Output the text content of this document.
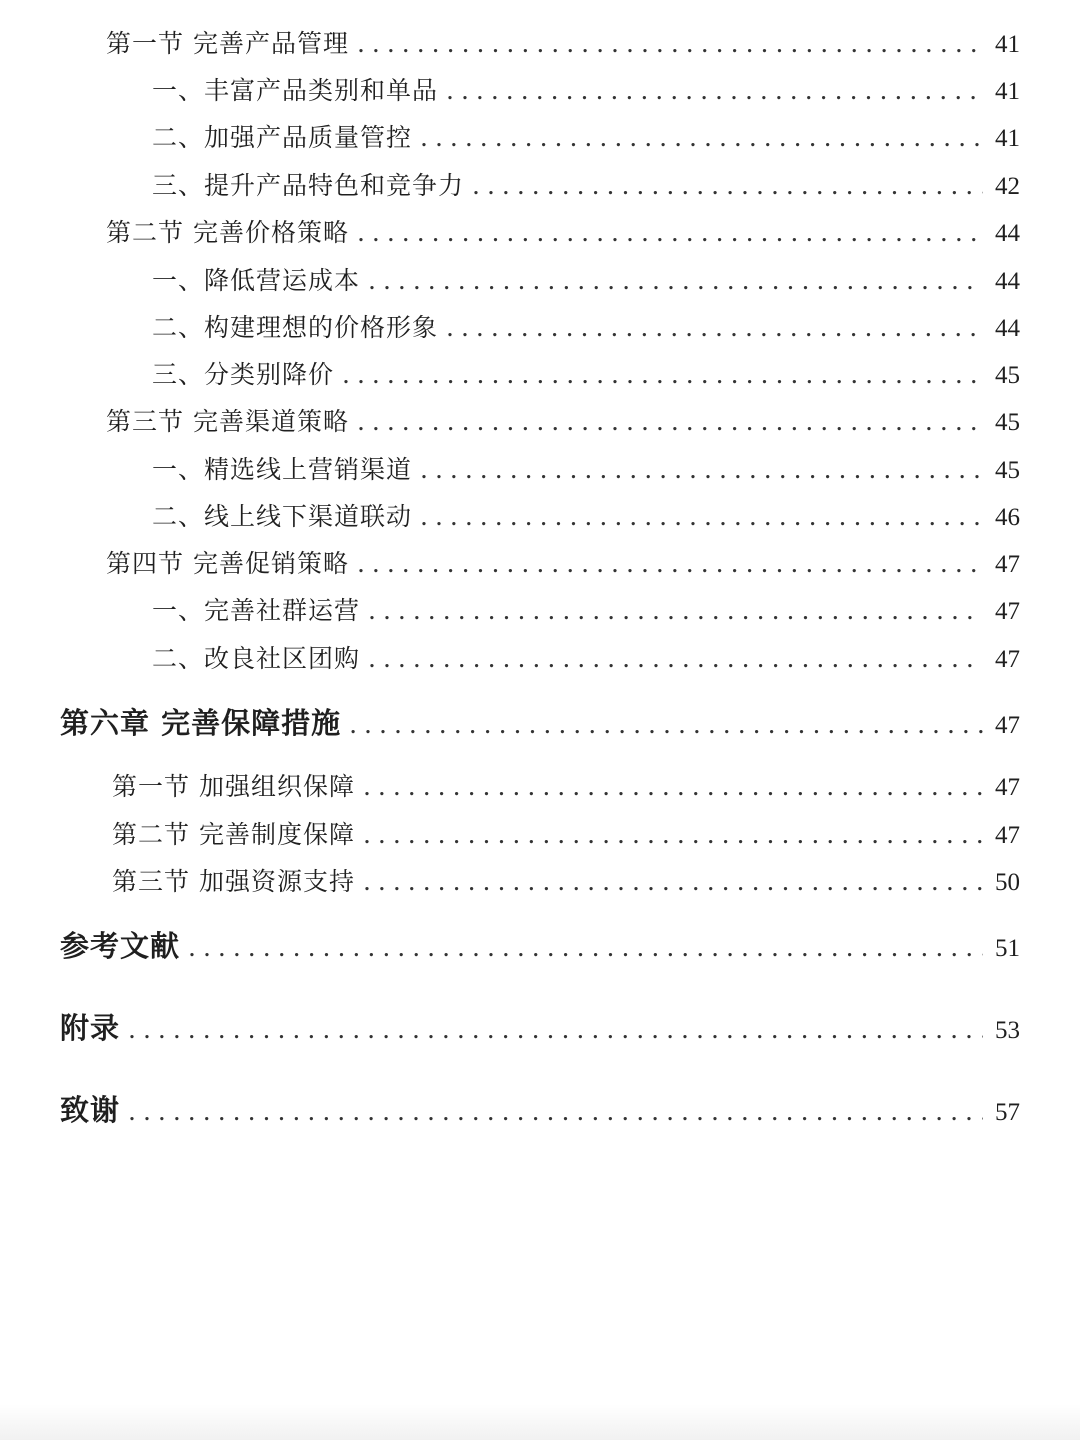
第一节 完善产品管理 .....	41
一、丰富产品类别和单品 .....	41
二、加强产品质量管控 .....	41
三、提升产品特色和竞争力 .....	42
第二节 完善价格策略 .....	44
一、降低营运成本 .....	44
二、构建理想的价格形象 .....	44
三、分类别降价 .....	45
第三节 完善渠道策略 .....	45
一、精选线上营销渠道 .....	45
二、线上线下渠道联动 .....	46
第四节 完善促销策略 .....	47
一、完善社群运营 .....	47
二、改良社区团购 .....	47
第六章 完善保障措施 .....	47
第一节 加强组织保障 .....	47
第二节 完善制度保障 .....	47
第三节 加强资源支持 .....	50
参考文献 .....	51
附录 .....	53
致谢 .....	57
